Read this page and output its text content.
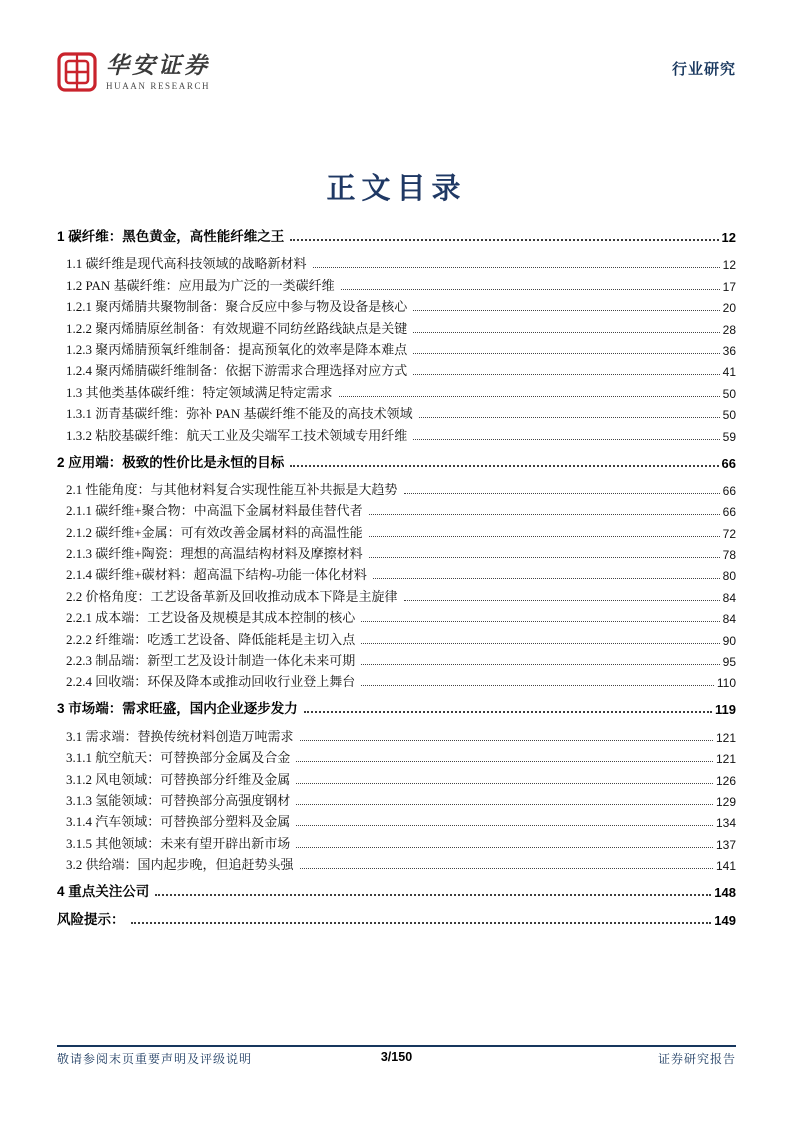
华安证券
HUAAN RESEARCH
行业研究
正文目录
1 碳纤维：黑色黄金，高性能纤维之王	12
1.1 碳纤维是现代高科技领域的战略新材料	12
1.2 PAN 基碳纤维：应用最为广泛的一类碳纤维	17
1.2.1 聚丙烯腈共聚物制备：聚合反应中参与物及设备是核心	20
1.2.2 聚丙烯腈原丝制备：有效规避不同纺丝路线缺点是关键	28
1.2.3 聚丙烯腈预氧纤维制备：提高预氧化的效率是降本难点	36
1.2.4 聚丙烯腈碳纤维制备：依据下游需求合理选择对应方式	41
1.3 其他类基体碳纤维：特定领域满足特定需求	50
1.3.1 沥青基碳纤维：弥补 PAN 基碳纤维不能及的高技术领域	50
1.3.2 粘胶基碳纤维：航天工业及尖端军工技术领域专用纤维	59
2 应用端：极致的性价比是永恒的目标	66
2.1 性能角度：与其他材料复合实现性能互补共振是大趋势	66
2.1.1 碳纤维+聚合物：中高温下金属材料最佳替代者	66
2.1.2 碳纤维+金属：可有效改善金属材料的高温性能	72
2.1.3 碳纤维+陶瓷：理想的高温结构材料及摩擦材料	78
2.1.4 碳纤维+碳材料：超高温下结构-功能一体化材料	80
2.2 价格角度：工艺设备革新及回收推动成本下降是主旋律	84
2.2.1 成本端：工艺设备及规模是其成本控制的核心	84
2.2.2 纤维端：吃透工艺设备、降低能耗是主切入点	90
2.2.3 制品端：新型工艺及设计制造一体化未来可期	95
2.2.4 回收端：环保及降本或推动回收行业登上舞台	110
3 市场端：需求旺盛，国内企业逐步发力	119
3.1 需求端：替换传统材料创造万吨需求	121
3.1.1 航空航天：可替换部分金属及合金	121
3.1.2 风电领域：可替换部分纤维及金属	126
3.1.3 氢能领域：可替换部分高强度钢材	129
3.1.4 汽车领域：可替换部分塑料及金属	134
3.1.5 其他领域：未来有望开辟出新市场	137
3.2 供给端：国内起步晚，但追赶势头强	141
4 重点关注公司	148
风险提示：	149
敬请参阅末页重要声明及评级说明	3/150	证券研究报告
